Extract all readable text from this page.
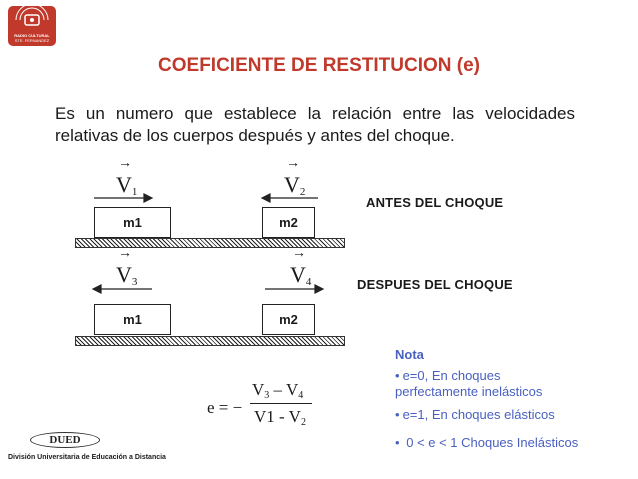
RADIO CULTURAL
STE. FERNANDEZ
COEFICIENTE DE RESTITUCION (e)
Es un numero que establece la relación entre las velocidades relativas de los cuerpos después y antes del choque.
→
$V_1$
→
$V_2$
m1	m2
ANTES DEL CHOQUE
→
$V_3$
→
$V_4$
m1	m2
DESPUES DEL CHOQUE
e = −
$V_3 - V_4$
$V1 - V_2$
Nota
• e=0, En choques
perfectamente inelásticos
• e=1, En choques elásticos
• 0 < e < 1 Choques Inelásticos
DUED
División Universitaria de Educación a Distancia
